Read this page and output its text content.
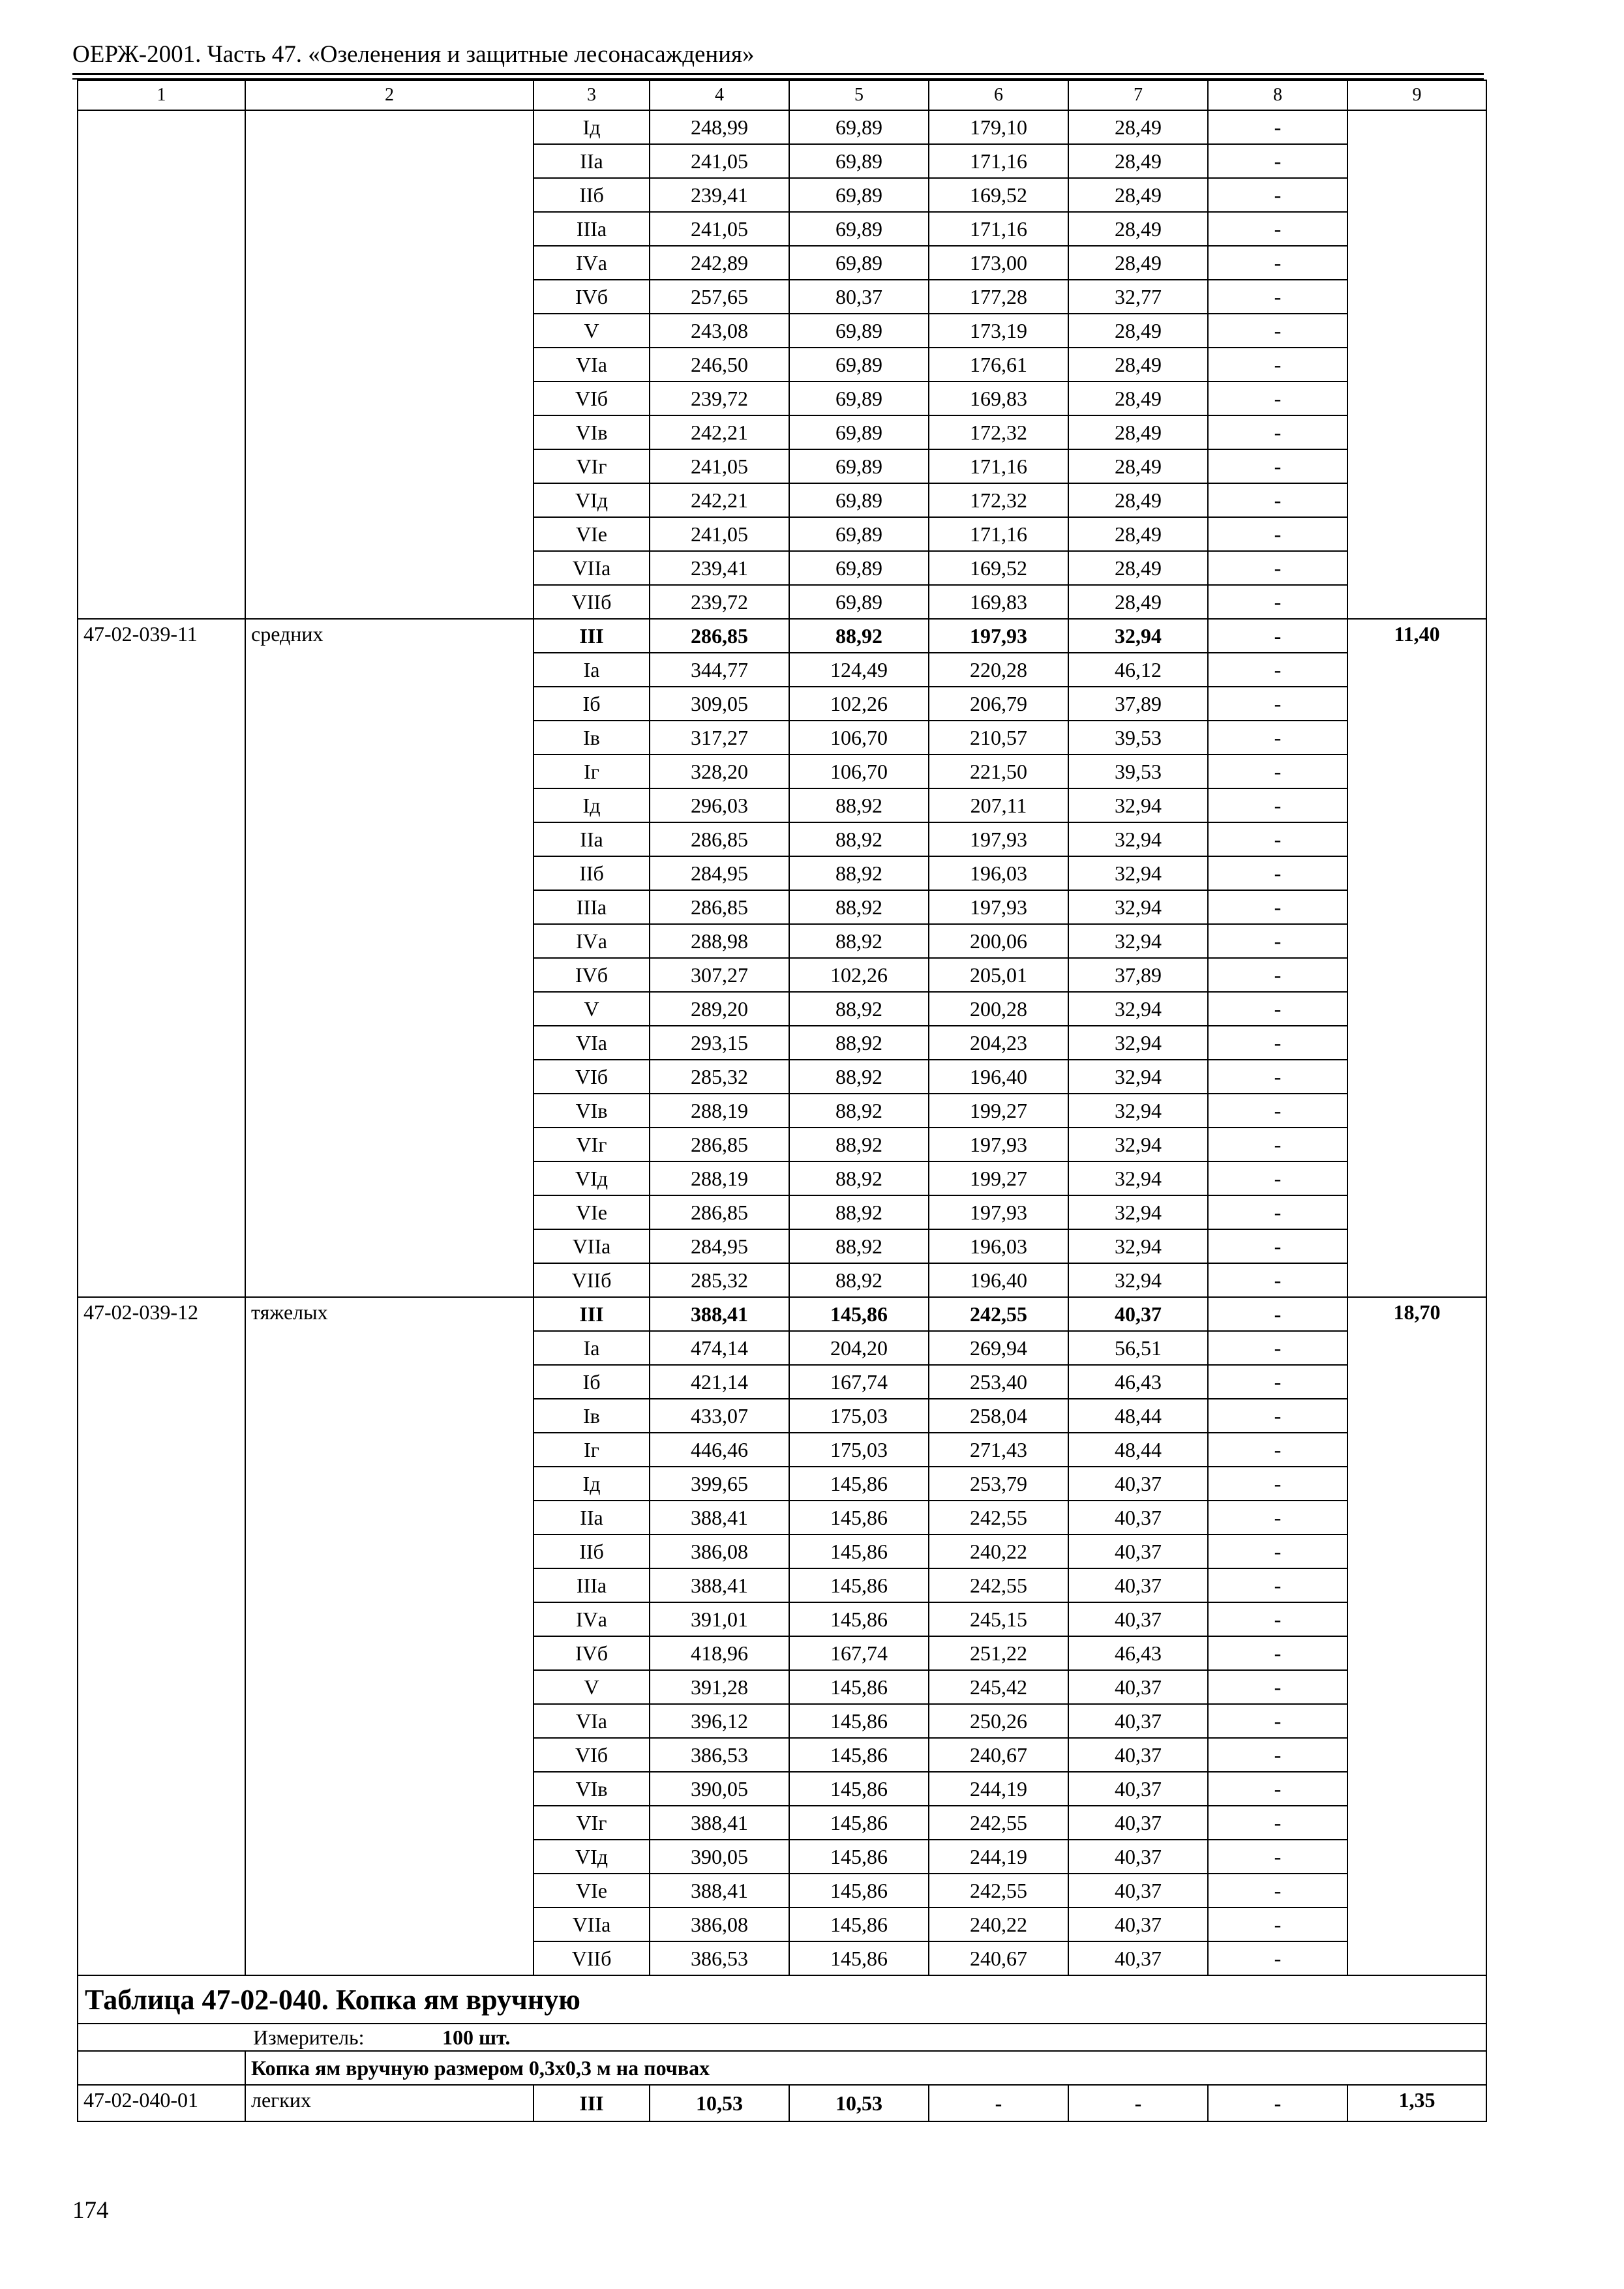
ОЕРЖ-2001. Часть 47. «Озеленения и защитные лесонасаждения»
1	2	3	4	5	6	7	8	9
		Iд	248,99	69,89	179,10	28,49	-	
		IIа	241,05	69,89	171,16	28,49	-	
		IIб	239,41	69,89	169,52	28,49	-	
		IIIа	241,05	69,89	171,16	28,49	-	
		IVа	242,89	69,89	173,00	28,49	-	
		IVб	257,65	80,37	177,28	32,77	-	
		V	243,08	69,89	173,19	28,49	-	
		VIа	246,50	69,89	176,61	28,49	-	
		VIб	239,72	69,89	169,83	28,49	-	
		VIв	242,21	69,89	172,32	28,49	-	
		VIг	241,05	69,89	171,16	28,49	-	
		VIд	242,21	69,89	172,32	28,49	-	
		VIе	241,05	69,89	171,16	28,49	-	
		VIIа	239,41	69,89	169,52	28,49	-	
		VIIб	239,72	69,89	169,83	28,49	-	
47-02-039-11	средних	III	286,85	88,92	197,93	32,94	-	11,40
		Iа	344,77	124,49	220,28	46,12	-	
		Iб	309,05	102,26	206,79	37,89	-	
		Iв	317,27	106,70	210,57	39,53	-	
		Iг	328,20	106,70	221,50	39,53	-	
		Iд	296,03	88,92	207,11	32,94	-	
		IIа	286,85	88,92	197,93	32,94	-	
		IIб	284,95	88,92	196,03	32,94	-	
		IIIа	286,85	88,92	197,93	32,94	-	
		IVа	288,98	88,92	200,06	32,94	-	
		IVб	307,27	102,26	205,01	37,89	-	
		V	289,20	88,92	200,28	32,94	-	
		VIа	293,15	88,92	204,23	32,94	-	
		VIб	285,32	88,92	196,40	32,94	-	
		VIв	288,19	88,92	199,27	32,94	-	
		VIг	286,85	88,92	197,93	32,94	-	
		VIд	288,19	88,92	199,27	32,94	-	
		VIе	286,85	88,92	197,93	32,94	-	
		VIIа	284,95	88,92	196,03	32,94	-	
		VIIб	285,32	88,92	196,40	32,94	-	
47-02-039-12	тяжелых	III	388,41	145,86	242,55	40,37	-	18,70
		Iа	474,14	204,20	269,94	56,51	-	
		Iб	421,14	167,74	253,40	46,43	-	
		Iв	433,07	175,03	258,04	48,44	-	
		Iг	446,46	175,03	271,43	48,44	-	
		Iд	399,65	145,86	253,79	40,37	-	
		IIа	388,41	145,86	242,55	40,37	-	
		IIб	386,08	145,86	240,22	40,37	-	
		IIIа	388,41	145,86	242,55	40,37	-	
		IVа	391,01	145,86	245,15	40,37	-	
		IVб	418,96	167,74	251,22	46,43	-	
		V	391,28	145,86	245,42	40,37	-	
		VIа	396,12	145,86	250,26	40,37	-	
		VIб	386,53	145,86	240,67	40,37	-	
		VIв	390,05	145,86	244,19	40,37	-	
		VIг	388,41	145,86	242,55	40,37	-	
		VIд	390,05	145,86	244,19	40,37	-	
		VIе	388,41	145,86	242,55	40,37	-	
		VIIа	386,08	145,86	240,22	40,37	-	
		VIIб	386,53	145,86	240,67	40,37	-	
Таблица 47-02-040. Копка ям вручную								
Измеритель: 100 шт.								
	Копка ям вручную размером 0,3х0,3 м на почвах							
47-02-040-01	легких	III	10,53	10,53	-	-	-	1,35
174
